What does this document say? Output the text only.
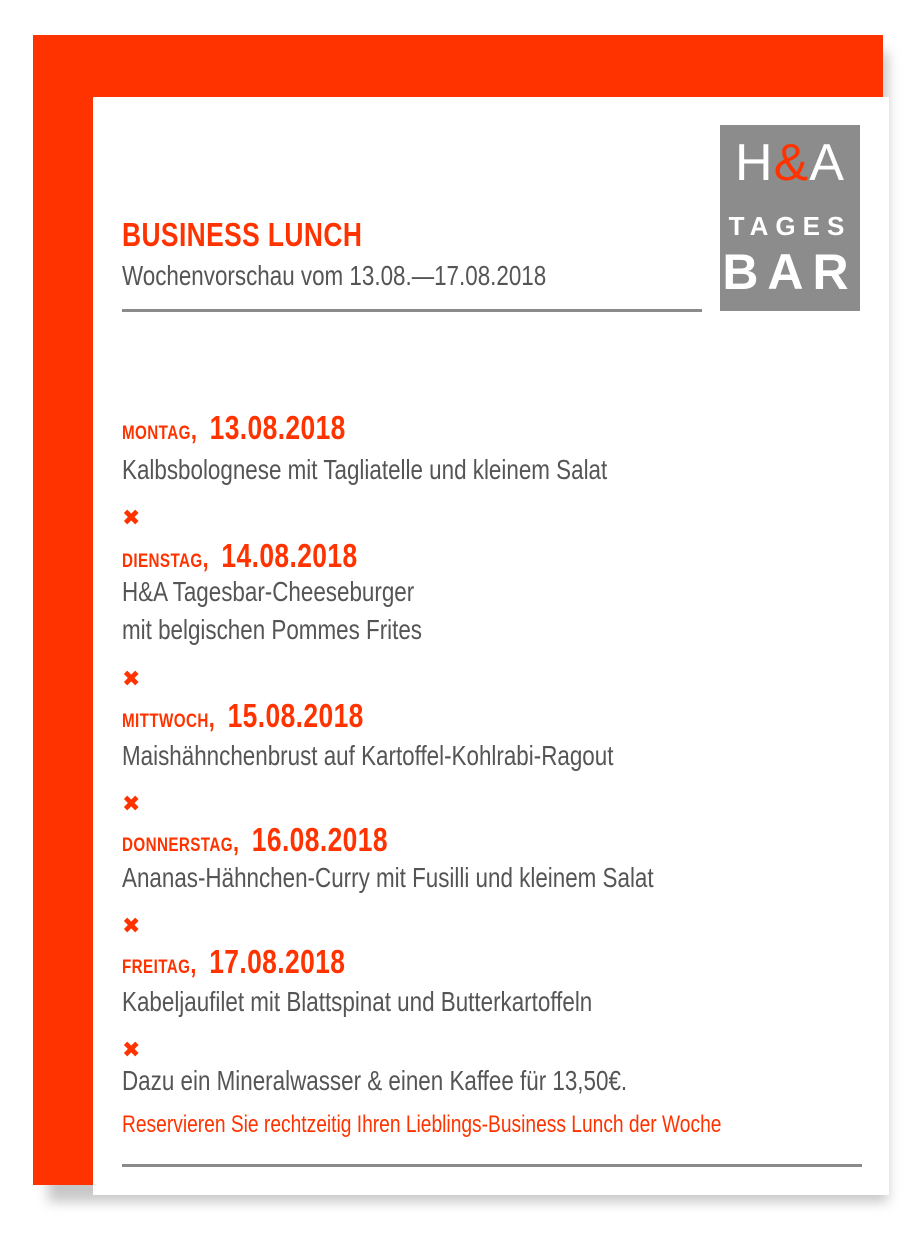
BUSINESS LUNCH
Wochenvorschau vom 13.08.—17.08.2018
H&A
TAGES
BAR
MONTAG, 13.08.2018
Kalbsbolognese mit Tagliatelle und kleinem Salat
✖
DIENSTAG, 14.08.2018
H&A Tagesbar-Cheeseburger
mit belgischen Pommes Frites
✖
MITTWOCH, 15.08.2018
Maishähnchenbrust auf Kartoffel-Kohlrabi-Ragout
✖
DONNERSTAG, 16.08.2018
Ananas-Hähnchen-Curry mit Fusilli und kleinem Salat
✖
FREITAG, 17.08.2018
Kabeljaufilet mit Blattspinat und Butterkartoffeln
✖
Dazu ein Mineralwasser & einen Kaffee für 13,50€.
Reservieren Sie rechtzeitig Ihren Lieblings-Business Lunch der Woche
